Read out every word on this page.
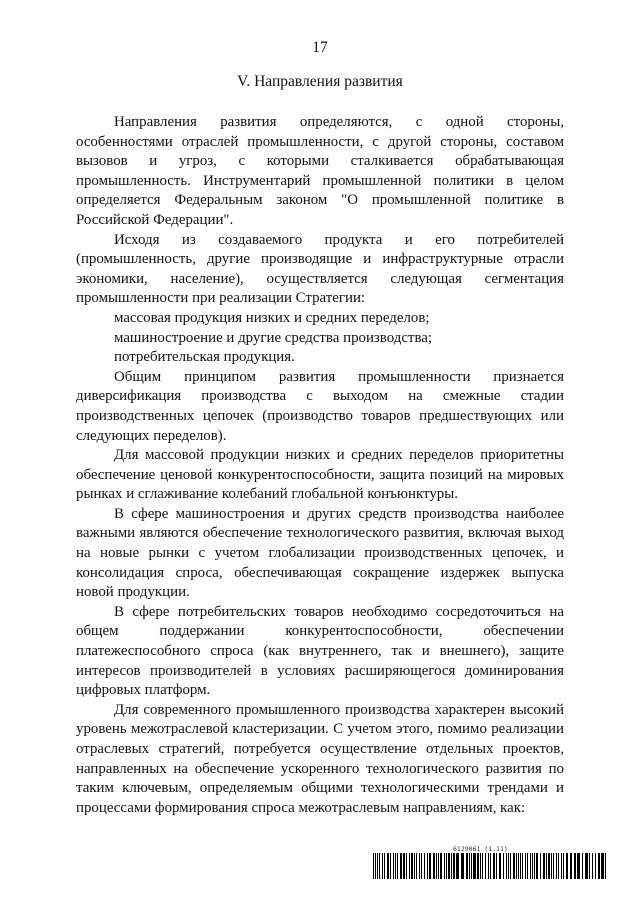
17
V. Направления развития

Направления развития определяются, с одной стороны, особенностями отраслей промышленности, с другой стороны, составом вызовов и угроз, с которыми сталкивается обрабатывающая промышленность. Инструментарий промышленной политики в целом определяется Федеральным законом "О промышленной политике в Российской Федерации".

Исходя из создаваемого продукта и его потребителей (промышленность, другие производящие и инфраструктурные отрасли экономики, население), осуществляется следующая сегментация промышленности при реализации Стратегии:

массовая продукция низких и средних переделов;

машиностроение и другие средства производства;

потребительская продукция.

Общим принципом развития промышленности признается диверсификация производства с выходом на смежные стадии производственных цепочек (производство товаров предшествующих или следующих переделов).

Для массовой продукции низких и средних переделов приоритетны обеспечение ценовой конкурентоспособности, защита позиций на мировых рынках и сглаживание колебаний глобальной конъюнктуры.

В сфере машиностроения и других средств производства наиболее важными являются обеспечение технологического развития, включая выход на новые рынки с учетом глобализации производственных цепочек, и консолидация спроса, обеспечивающая сокращение издержек выпуска новой продукции.

В сфере потребительских товаров необходимо сосредоточиться на общем поддержании конкурентоспособности, обеспечении платежеспособного спроса (как внутреннего, так и внешнего), защите интересов производителей в условиях расширяющегося доминирования цифровых платформ.

Для современного промышленного производства характерен высокий уровень межотраслевой кластеризации. С учетом этого, помимо реализации отраслевых стратегий, потребуется осуществление отдельных проектов, направленных на обеспечение ускоренного технологического развития по таким ключевым, определяемым общими технологическими трендами и процессами формирования спроса межотраслевым направлениям, как:

6129061 (1.11)
